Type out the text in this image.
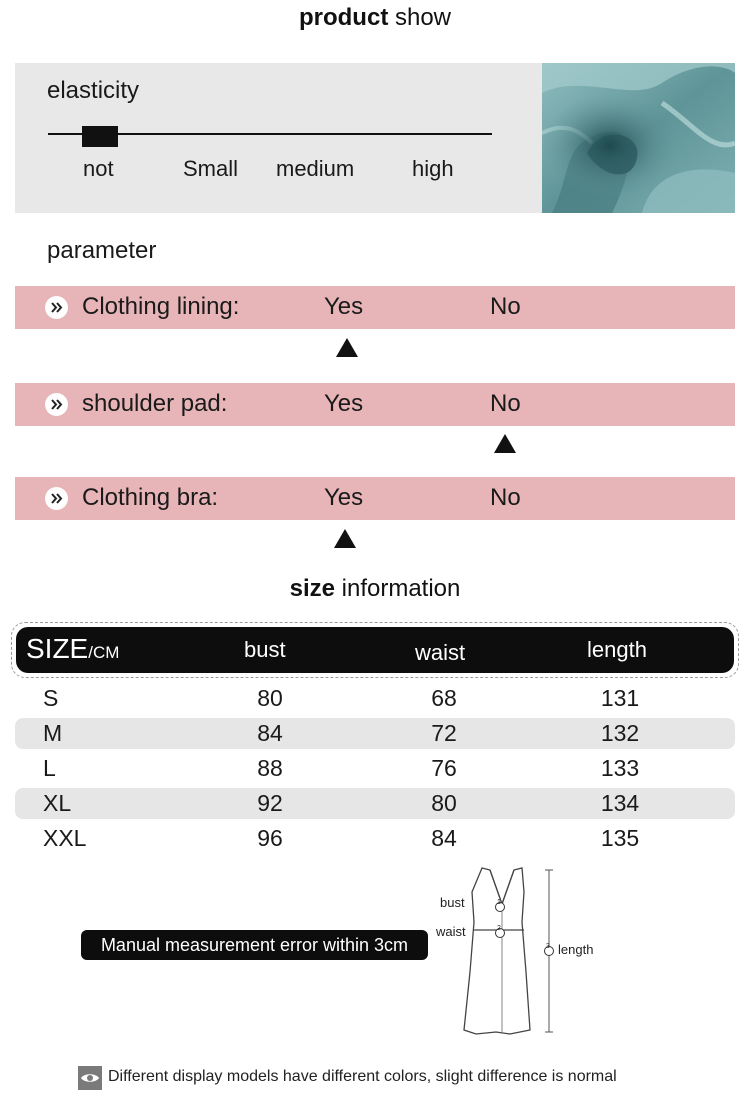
product show
elasticity
not	Small medium	high
parameter
Clothing lining:	Yes	No
shoulder pad:	Yes	No
Clothing bra:	Yes	No
size information
SIZE/CM	bust	waist	length
S	80	68	131
M	84	72	132
L	88	76	133
XL	92	80	134
XXL	96	84	135
Manual measurement error within 3cm
bust
waist
length
1
2
3
Different display models have different colors, slight difference is normal
